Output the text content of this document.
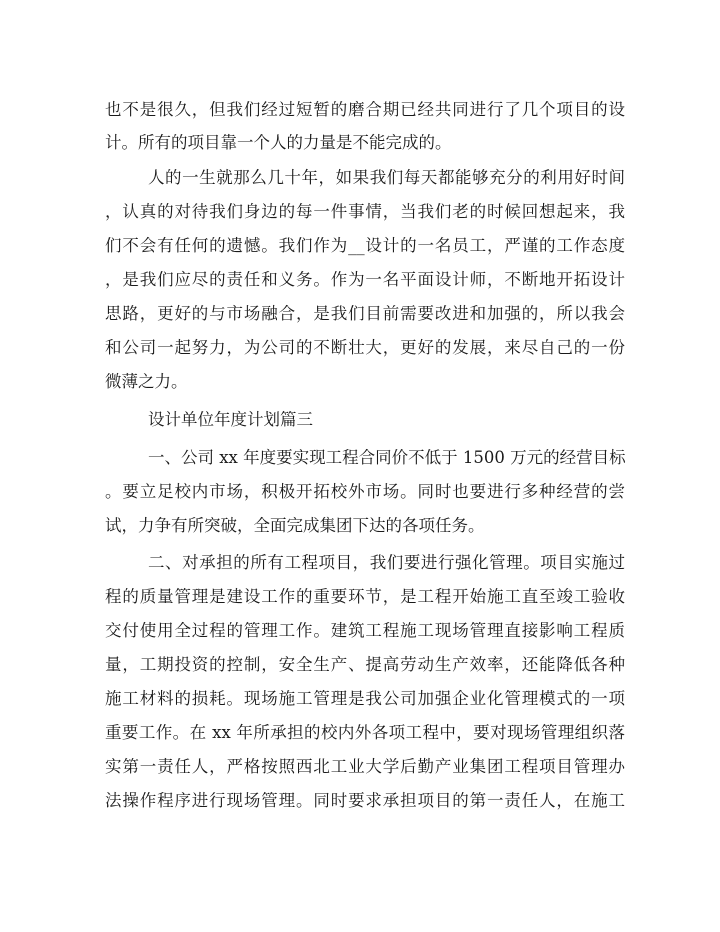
也不是很久，但我们经过短暂的磨合期已经共同进行了几个项目的设
计。所有的项目靠一个人的力量是不能完成的。
人的一生就那么几十年，如果我们每天都能够充分的利用好时间
，认真的对待我们身边的每一件事情，当我们老的时候回想起来，我
们不会有任何的遗憾。我们作为__设计的一名员工，严谨的工作态度
，是我们应尽的责任和义务。作为一名平面设计师，不断地开拓设计
思路，更好的与市场融合，是我们目前需要改进和加强的，所以我会
和公司一起努力，为公司的不断壮大，更好的发展，来尽自己的一份
微薄之力。
设计单位年度计划篇三
一、公司 xx 年度要实现工程合同价不低于 1500 万元的经营目标
。要立足校内市场，积极开拓校外市场。同时也要进行多种经营的尝
试，力争有所突破，全面完成集团下达的各项任务。
二、对承担的所有工程项目，我们要进行强化管理。项目实施过
程的质量管理是建设工作的重要环节，是工程开始施工直至竣工验收
交付使用全过程的管理工作。建筑工程施工现场管理直接影响工程质
量，工期投资的控制，安全生产、提高劳动生产效率，还能降低各种
施工材料的损耗。现场施工管理是我公司加强企业化管理模式的一项
重要工作。在 xx 年所承担的校内外各项工程中，要对现场管理组织落
实第一责任人，严格按照西北工业大学后勤产业集团工程项目管理办
法操作程序进行现场管理。同时要求承担项目的第一责任人，在施工
